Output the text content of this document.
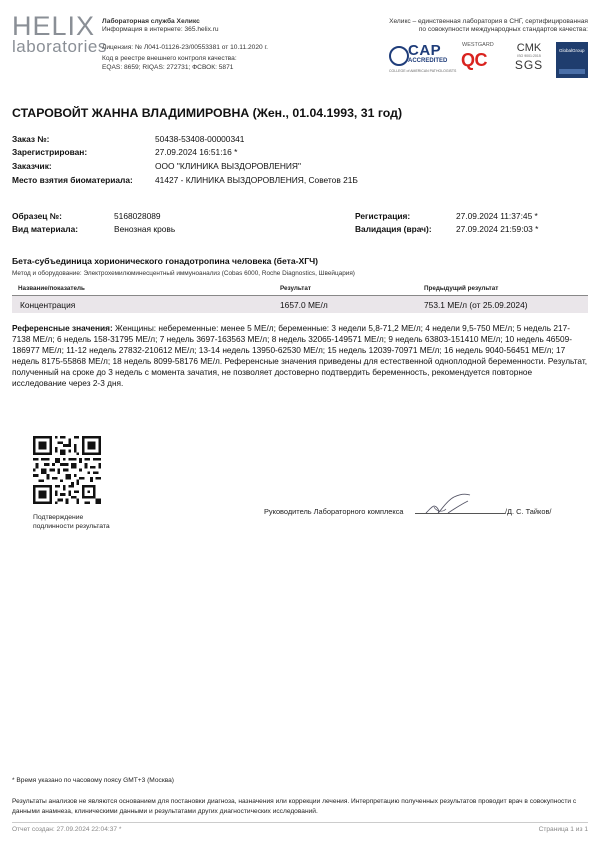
HELIX
laboratories
Лабораторная служба Хеликс
Информация в интернете: 365.helix.ru
Лицензия: № Л041-01126-23/00553381 от 10.11.2020 г.
Код в реестре внешнего контроля качества:
EQAS: 8659; RIQAS: 272731; ФСВОК: 5871
Хеликс – единственная лаборатория в СНГ, сертифицированная
по совокупности международных стандартов качества:
CAP
ACCREDITED
COLLEGE of AMERICAN PATHOLOGISTS
WESTGARD
QC
CMK
ISO 9001:2015
SGS
GlobalGroup
СТАРОВОЙТ ЖАННА ВЛАДИМИРОВНА (Жен., 01.04.1993, 31 год)
Заказ №:	50438-53408-00000341
Зарегистрирован:	27.09.2024 16:51:16 *
Заказчик:	ООО "КЛИНИКА ВЫЗДОРОВЛЕНИЯ"
Место взятия биоматериала:	41427 - КЛИНИКА ВЫЗДОРОВЛЕНИЯ, Советов 21Б
Образец №:	5168028089
Вид материала:	Венозная кровь
Регистрация:	27.09.2024 11:37:45 *
Валидация (врач):	27.09.2024 21:59:03 *
Бета-субъединица хорионического гонадотропина человека (бета-ХГЧ)
Метод и оборудование: Электрохемилюминесцентный иммуноанализ (Cobas 6000, Roche Diagnostics, Швейцария)
Название/показатель	Результат	Предыдущий результат
Концентрация	1657.0 МЕ/л	753.1 МЕ/л (от 25.09.2024)
Референсные значения: Женщины: небеременные: менее 5 МЕ/л; беременные: 3 недели 5,8-71,2 МЕ/л; 4 недели 9,5-750 МЕ/л; 5 недель 217-7138 МЕ/л; 6 недель 158-31795 МЕ/л; 7 недель 3697-163563 МЕ/л; 8 недель 32065-149571 МЕ/л; 9 недель 63803-151410 МЕ/л; 10 недель 46509-186977 МЕ/л; 11-12 недель 27832-210612 МЕ/л; 13-14 недель 13950-62530 МЕ/л; 15 недель 12039-70971 МЕ/л; 16 недель 9040-56451 МЕ/л; 17 недель 8175-55868 МЕ/л; 18 недель 8099-58176 МЕ/л. Референсные значения приведены для естественной одноплодной беременности. Результат, полученный на сроке до 3 недель с момента зачатия, не позволяет достоверно подтвердить беременность, рекомендуется повторное исследование через 2-3 дня.
Подтверждение
подлинности результата
Руководитель Лабораторного комплекса	/Д. С. Тайков/
* Время указано по часовому поясу GMT+3 (Москва)
Результаты анализов не являются основанием для постановки диагноза, назначения или коррекции лечения. Интерпретацию полученных результатов проводит врач в совокупности с данными анамнеза, клиническими данными и результатами других диагностических исследований.
Отчет создан: 27.09.2024 22:04:37 *	Страница 1 из 1
